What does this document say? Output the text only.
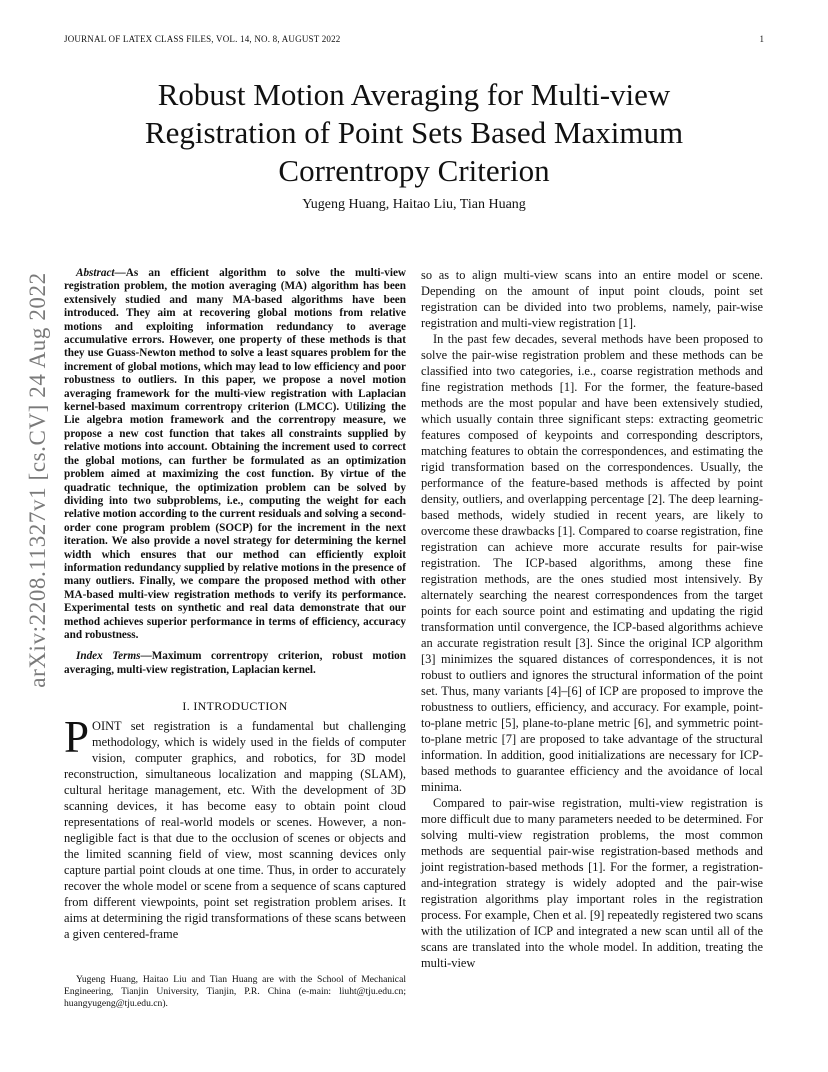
JOURNAL OF LATEX CLASS FILES, VOL. 14, NO. 8, AUGUST 2022	1
arXiv:2208.11327v1 [cs.CV] 24 Aug 2022
Robust Motion Averaging for Multi-view Registration of Point Sets Based Maximum Correntropy Criterion
Yugeng Huang, Haitao Liu, Tian Huang
Abstract—As an efficient algorithm to solve the multi-view registration problem, the motion averaging (MA) algorithm has been extensively studied and many MA-based algorithms have been introduced. They aim at recovering global motions from relative motions and exploiting information redundancy to average accumulative errors. However, one property of these methods is that they use Guass-Newton method to solve a least squares problem for the increment of global motions, which may lead to low efficiency and poor robustness to outliers. In this paper, we propose a novel motion averaging framework for the multi-view registration with Laplacian kernel-based maximum correntropy criterion (LMCC). Utilizing the Lie algebra motion framework and the correntropy measure, we propose a new cost function that takes all constraints supplied by relative motions into account. Obtaining the increment used to correct the global motions, can further be formulated as an optimization problem aimed at maximizing the cost function. By virtue of the quadratic technique, the optimization problem can be solved by dividing into two subproblems, i.e., computing the weight for each relative motion according to the current residuals and solving a second-order cone program problem (SOCP) for the increment in the next iteration. We also provide a novel strategy for determining the kernel width which ensures that our method can efficiently exploit information redundancy supplied by relative motions in the presence of many outliers. Finally, we compare the proposed method with other MA-based multi-view registration methods to verify its performance. Experimental tests on synthetic and real data demonstrate that our method achieves superior performance in terms of efficiency, accuracy and robustness.
Index Terms—Maximum correntropy criterion, robust motion averaging, multi-view registration, Laplacian kernel.
I. INTRODUCTION

POINT set registration is a fundamental but challenging methodology, which is widely used in the fields of computer vision, computer graphics, and robotics, for 3D model reconstruction, simultaneous localization and mapping (SLAM), cultural heritage management, etc. With the development of 3D scanning devices, it has become easy to obtain point cloud representations of real-world models or scenes. However, a non-negligible fact is that due to the occlusion of scenes or objects and the limited scanning field of view, most scanning devices only capture partial point clouds at one time. Thus, in order to accurately recover the whole model or scene from a sequence of scans captured from different viewpoints, point set registration problem arises. It aims at determining the rigid transformations of these scans between a given centered-frame

so as to align multi-view scans into an entire model or scene. Depending on the amount of input point clouds, point set registration can be divided into two problems, namely, pair-wise registration and multi-view registration [1].

In the past few decades, several methods have been proposed to solve the pair-wise registration problem and these methods can be classified into two categories, i.e., coarse registration methods and fine registration methods [1]. For the former, the feature-based methods are the most popular and have been extensively studied, which usually contain three significant steps: extracting geometric features composed of keypoints and corresponding descriptors, matching features to obtain the correspondences, and estimating the rigid transformation based on the correspondences. Usually, the performance of the feature-based methods is affected by point density, outliers, and overlapping percentage [2]. The deep learning-based methods, widely studied in recent years, are likely to overcome these drawbacks [1]. Compared to coarse registration, fine registration can achieve more accurate results for pair-wise registration. The ICP-based algorithms, among these fine registration methods, are the ones studied most intensively. By alternately searching the nearest correspondences from the target points for each source point and estimating and updating the rigid transformation until convergence, the ICP-based algorithms achieve an accurate registration result [3]. Since the original ICP algorithm [3] minimizes the squared distances of correspondences, it is not robust to outliers and ignores the structural information of the point set. Thus, many variants [4]–[6] of ICP are proposed to improve the robustness to outliers, efficiency, and accuracy. For example, point-to-plane metric [5], plane-to-plane metric [6], and symmetric point-to-plane metric [7] are proposed to take advantage of the structural information. In addition, good initializations are necessary for ICP-based methods to guarantee efficiency and the avoidance of local minima.

Compared to pair-wise registration, multi-view registration is more difficult due to many parameters needed to be determined. For solving multi-view registration problems, the most common methods are sequential pair-wise registration-based methods and joint registration-based methods [1]. For the former, a registration-and-integration strategy is widely adopted and the pair-wise registration algorithms play important roles in the registration process. For example, Chen et al. [9] repeatedly registered two scans with the utilization of ICP and integrated a new scan until all of the scans are translated into the whole model. In addition, treating the multi-view

Yugeng Huang, Haitao Liu and Tian Huang are with the School of Mechanical Engineering, Tianjin University, Tianjin, P.R. China (e-main: liuht@tju.edu.cn; huangyugeng@tju.edu.cn).
